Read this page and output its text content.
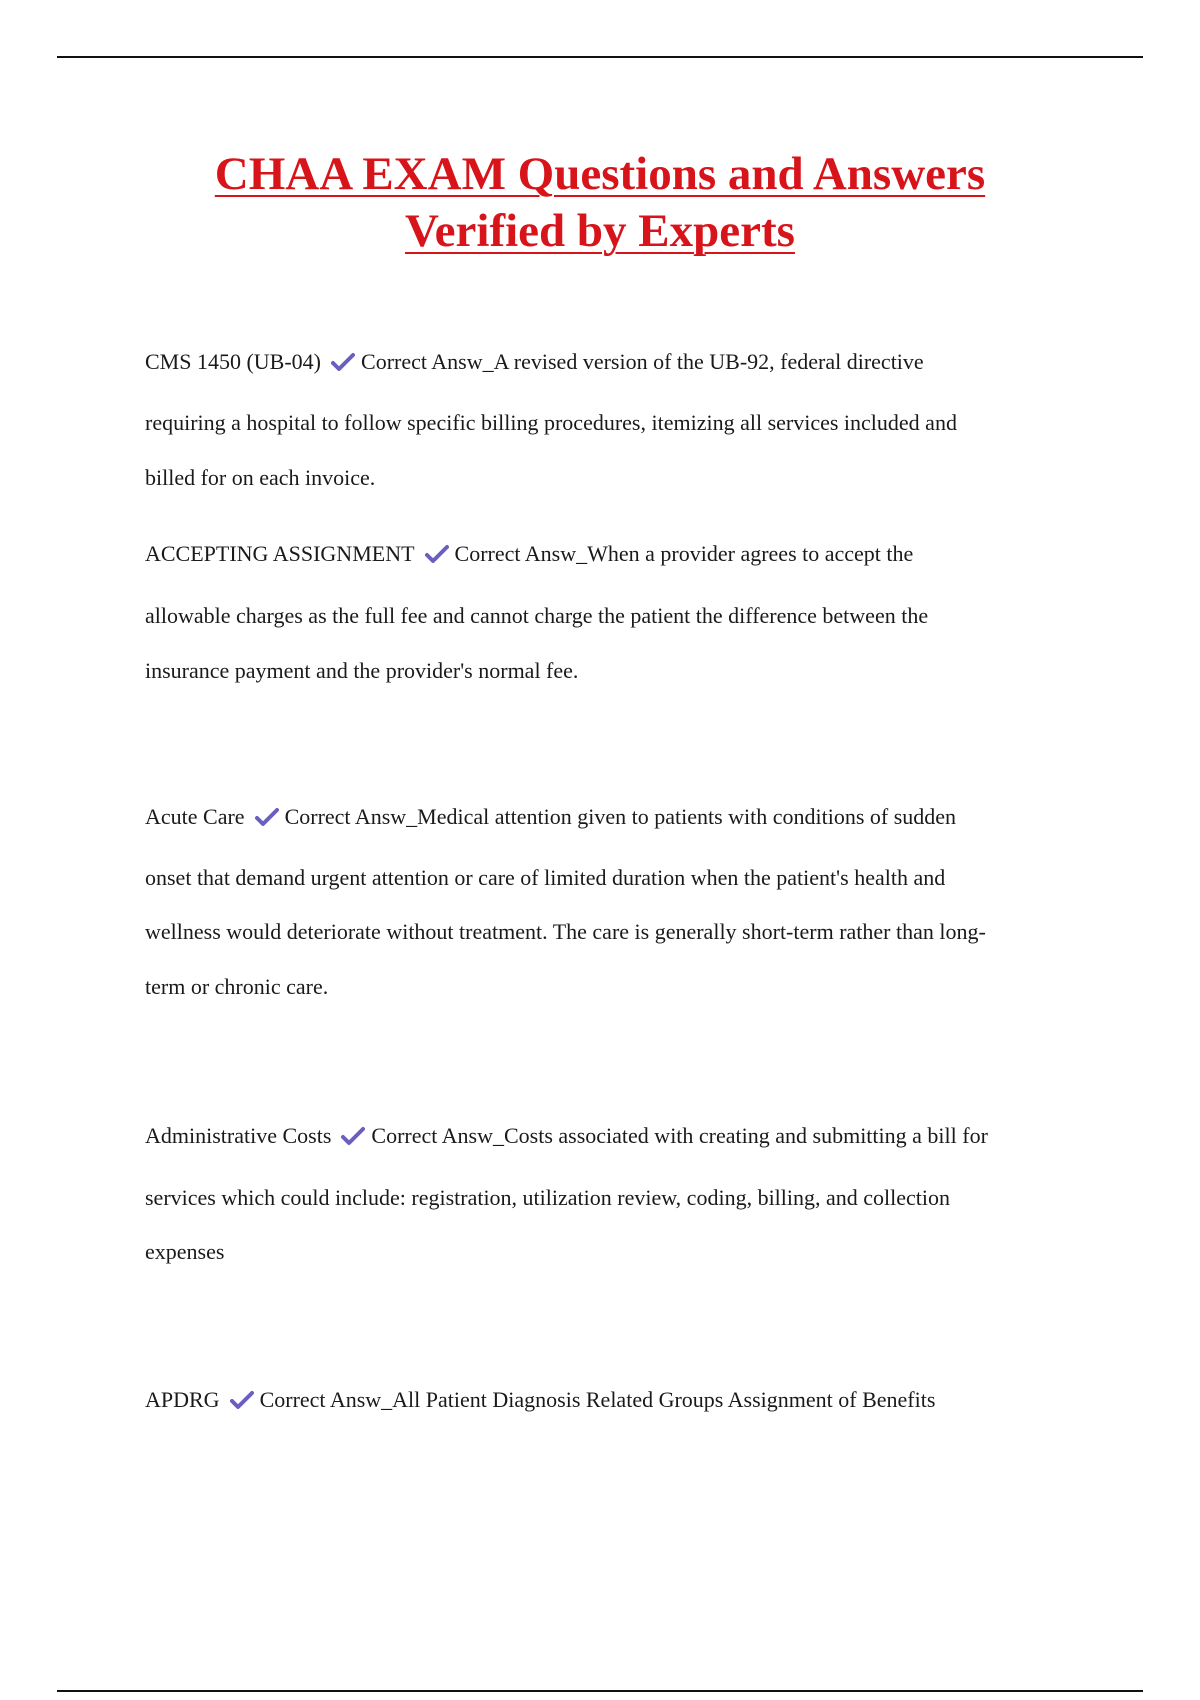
CHAA EXAM Questions and Answers
Verified by Experts
CMS 1450 (UB-04) Correct Answ_A revised version of the UB-92, federal directive
requiring a hospital to follow specific billing procedures, itemizing all services included and
billed for on each invoice.
ACCEPTING ASSIGNMENT Correct Answ_When a provider agrees to accept the
allowable charges as the full fee and cannot charge the patient the difference between the
insurance payment and the provider's normal fee.
Acute Care Correct Answ_Medical attention given to patients with conditions of sudden
onset that demand urgent attention or care of limited duration when the patient's health and
wellness would deteriorate without treatment. The care is generally short-term rather than long-
term or chronic care.
Administrative Costs Correct Answ_Costs associated with creating and submitting a bill for
services which could include: registration, utilization review, coding, billing, and collection
expenses
APDRG Correct Answ_All Patient Diagnosis Related Groups Assignment of Benefits
